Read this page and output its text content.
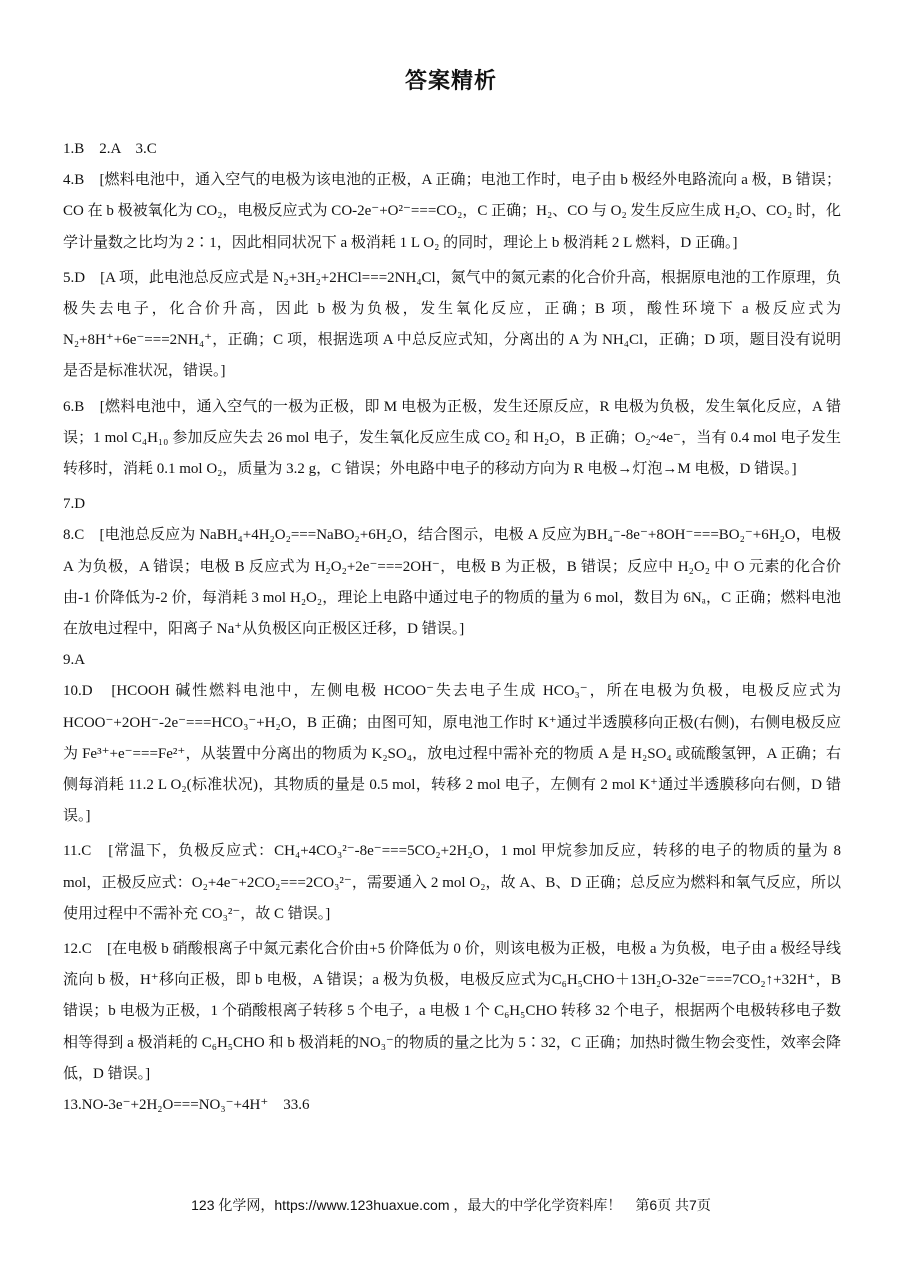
答案精析
1.B　2.A　3.C
4.B　[燃料电池中，通入空气的电极为该电池的正极，A 正确；电池工作时，电子由 b 极经外电路流向 a 极，B 错误；CO 在 b 极被氧化为 CO₂，电极反应式为 CO-2e⁻+O²⁻===CO₂，C 正确；H₂、CO 与 O₂ 发生反应生成 H₂O、CO₂ 时，化学计量数之比均为 2∶1，因此相同状况下 a 极消耗 1 L O₂ 的同时，理论上 b 极消耗 2 L 燃料，D 正确。]
5.D　[A 项，此电池总反应式是 N₂+3H₂+2HCl===2NH₄Cl，氮气中的氮元素的化合价升高，根据原电池的工作原理，负极失去电子，化合价升高，因此 b 极为负极，发生氧化反应，正确；B 项，酸性环境下 a 极反应式为 N₂+8H⁺+6e⁻===2NH₄⁺，正确；C 项，根据选项 A 中总反应式知，分离出的 A 为 NH₄Cl，正确；D 项，题目没有说明是否是标准状况，错误。]
6.B　[燃料电池中，通入空气的一极为正极，即 M 电极为正极，发生还原反应，R 电极为负极，发生氧化反应，A 错误；1 mol C₄H₁₀ 参加反应失去 26 mol 电子，发生氧化反应生成 CO₂ 和 H₂O，B 正确；O₂~4e⁻，当有 0.4 mol 电子发生转移时，消耗 0.1 mol O₂，质量为 3.2 g，C 错误；外电路中电子的移动方向为 R 电极→灯泡→M 电极，D 错误。]
7.D
8.C　[电池总反应为 NaBH₄+4H₂O₂===NaBO₂+6H₂O，结合图示，电极 A 反应为BH₄⁻-8e⁻+8OH⁻===BO₂⁻+6H₂O，电极 A 为负极，A 错误；电极 B 反应式为 H₂O₂+2e⁻===2OH⁻，电极 B 为正极，B 错误；反应中 H₂O₂ 中 O 元素的化合价由-1 价降低为-2 价，每消耗 3 mol H₂O₂，理论上电路中通过电子的物质的量为 6 mol，数目为 6Nₐ，C 正确；燃料电池在放电过程中，阳离子 Na⁺从负极区向正极区迁移，D 错误。]
9.A
10.D　[HCOOH 碱性燃料电池中，左侧电极 HCOO⁻失去电子生成 HCO₃⁻，所在电极为负极，电极反应式为 HCOO⁻+2OH⁻-2e⁻===HCO₃⁻+H₂O，B 正确；由图可知，原电池工作时 K⁺通过半透膜移向正极(右侧)，右侧电极反应为 Fe³⁺+e⁻===Fe²⁺，从装置中分离出的物质为 K₂SO₄，放电过程中需补充的物质 A 是 H₂SO₄ 或硫酸氢钾，A 正确；右侧每消耗 11.2 L O₂(标准状况)，其物质的量是 0.5 mol，转移 2 mol 电子，左侧有 2 mol K⁺通过半透膜移向右侧，D 错误。]
11.C　[常温下，负极反应式：CH₄+4CO₃²⁻-8e⁻===5CO₂+2H₂O，1 mol 甲烷参加反应，转移的电子的物质的量为 8 mol，正极反应式：O₂+4e⁻+2CO₂===2CO₃²⁻，需要通入 2 mol O₂，故 A、B、D 正确；总反应为燃料和氧气反应，所以使用过程中不需补充 CO₃²⁻，故 C 错误。]
12.C　[在电极 b 硝酸根离子中氮元素化合价由+5 价降低为 0 价，则该电极为正极，电极 a 为负极，电子由 a 极经导线流向 b 极，H⁺移向正极，即 b 电极，A 错误；a 极为负极，电极反应式为C₆H₅CHO＋13H₂O-32e⁻===7CO₂↑+32H⁺，B 错误；b 电极为正极，1 个硝酸根离子转移 5 个电子，a 电极 1 个 C₆H₅CHO 转移 32 个电子，根据两个电极转移电子数相等得到 a 极消耗的 C₆H₅CHO 和 b 极消耗的NO₃⁻的物质的量之比为 5∶32，C 正确；加热时微生物会变性，效率会降低，D 错误。]
13.NO-3e⁻+2H₂O===NO₃⁻+4H⁺　33.6
123 化学网，https://www.123huaxue.com ，最大的中学化学资料库！　第6页 共7页
